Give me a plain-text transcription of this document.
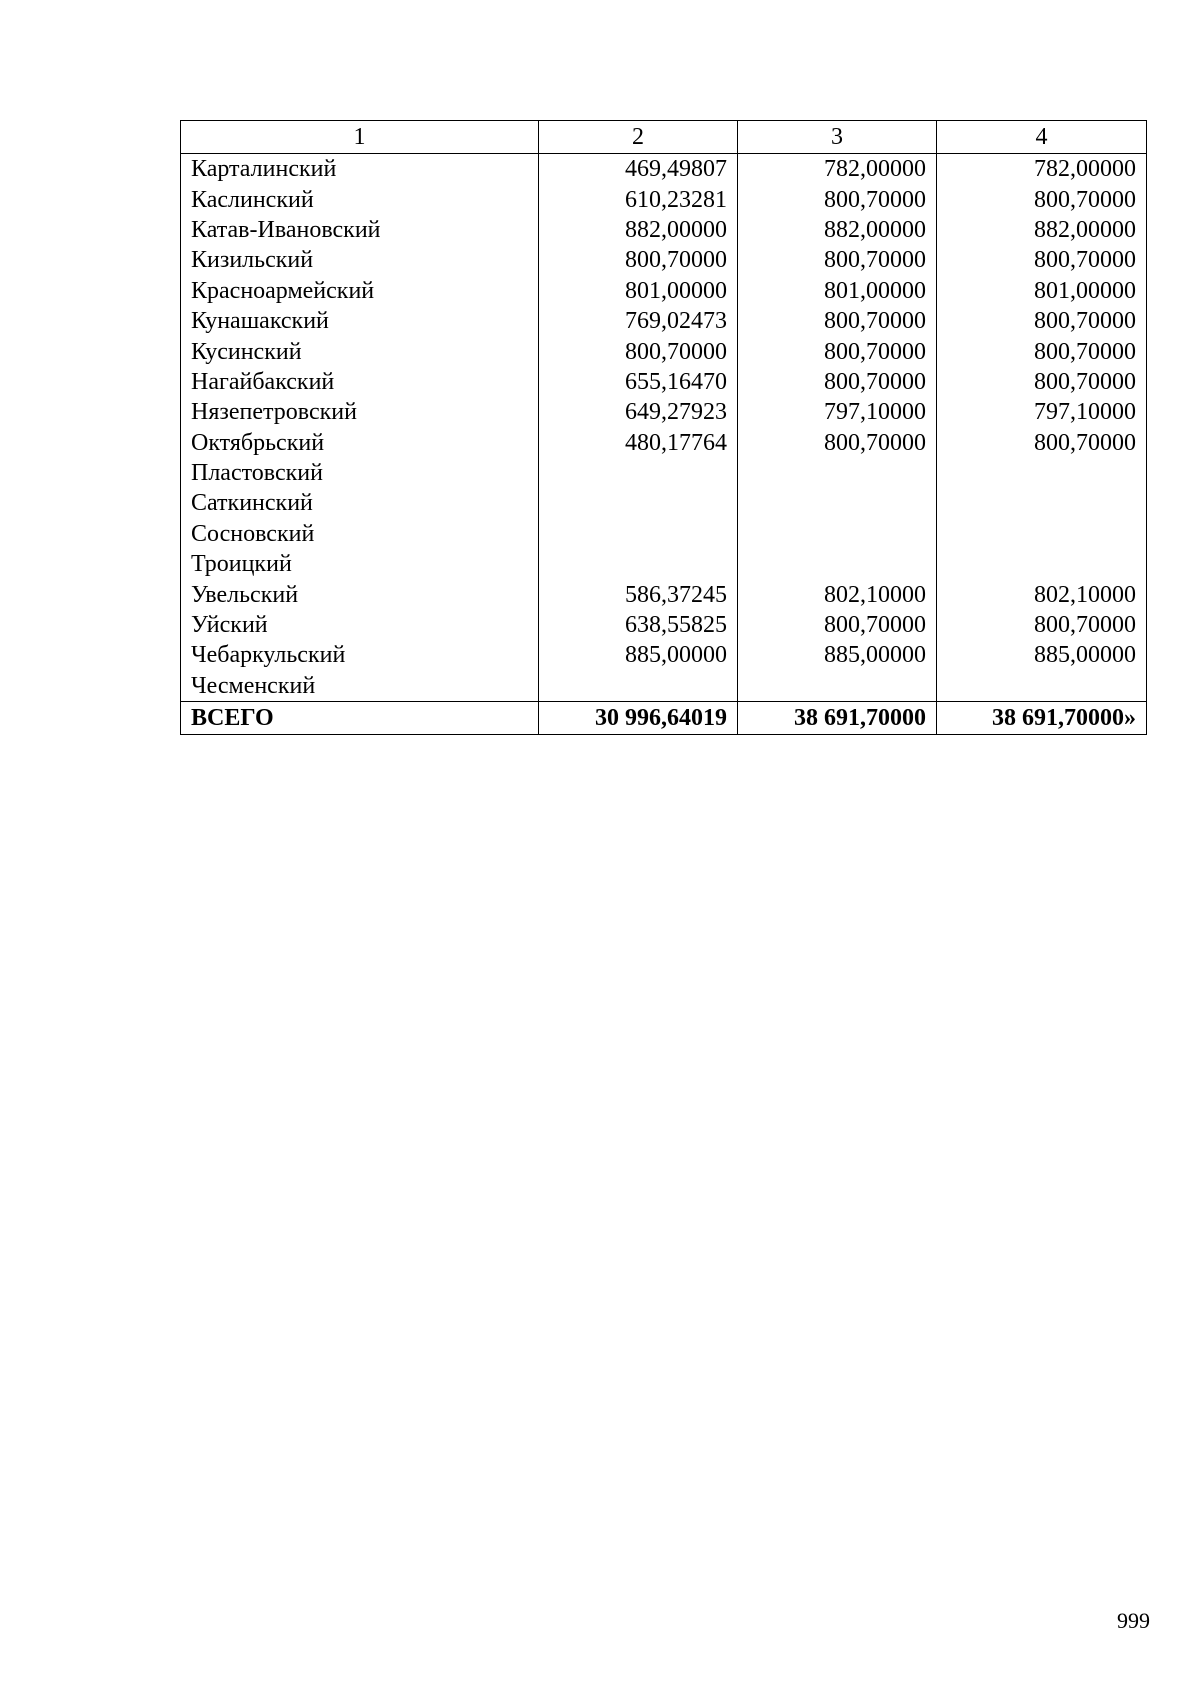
1	2	3	4
Карталинский	469,49807	782,00000	782,00000
Каслинский	610,23281	800,70000	800,70000
Катав-Ивановский	882,00000	882,00000	882,00000
Кизильский	800,70000	800,70000	800,70000
Красноармейский	801,00000	801,00000	801,00000
Кунашакский	769,02473	800,70000	800,70000
Кусинский	800,70000	800,70000	800,70000
Нагайбакский	655,16470	800,70000	800,70000
Нязепетровский	649,27923	797,10000	797,10000
Октябрьский	480,17764	800,70000	800,70000
Пластовский			
Саткинский			
Сосновский			
Троицкий			
Увельский	586,37245	802,10000	802,10000
Уйский	638,55825	800,70000	800,70000
Чебаркульский	885,00000	885,00000	885,00000
Чесменский			
ВСЕГО	30 996,64019	38 691,70000	38 691,70000»
999
